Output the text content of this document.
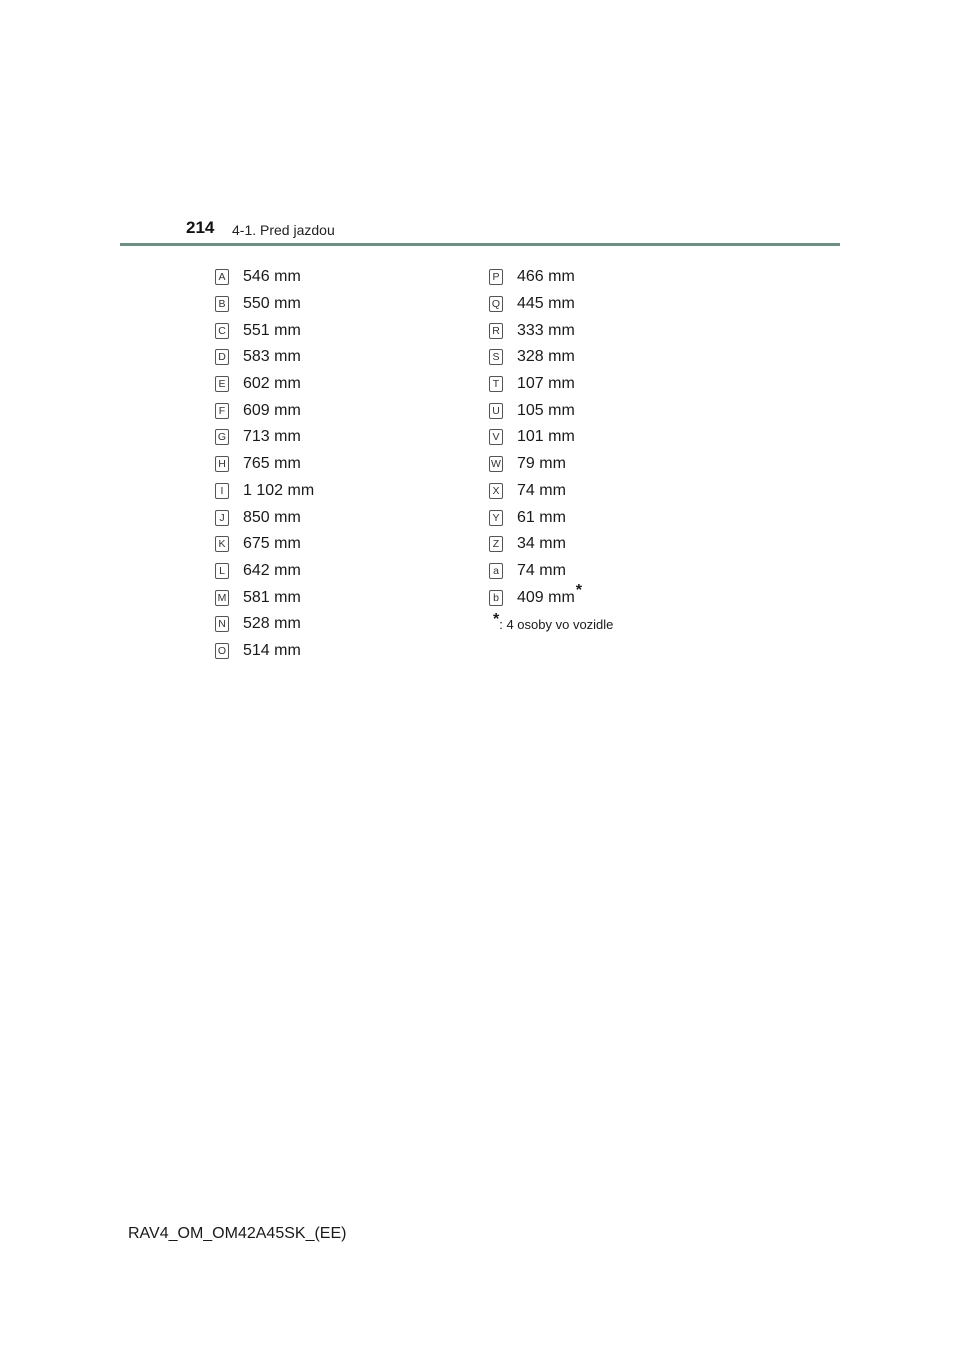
214 4-1. Pred jazdou
A 546 mm
B 550 mm
C 551 mm
D 583 mm
E 602 mm
F 609 mm
G 713 mm
H 765 mm
I	1 102 mm
J 850 mm
K 675 mm
L 642 mm
M 581 mm
N 528 mm
O 514 mm
P 466 mm
Q 445 mm
R 333 mm
S 328 mm
T 107 mm
U 105 mm
V 101 mm
W 79 mm
X 74 mm
Y 61 mm
Z 34 mm
a 74 mm
b 409 mm *
* : 4 osoby vo vozidle
RAV4_OM_OM42A45SK_(EE)
